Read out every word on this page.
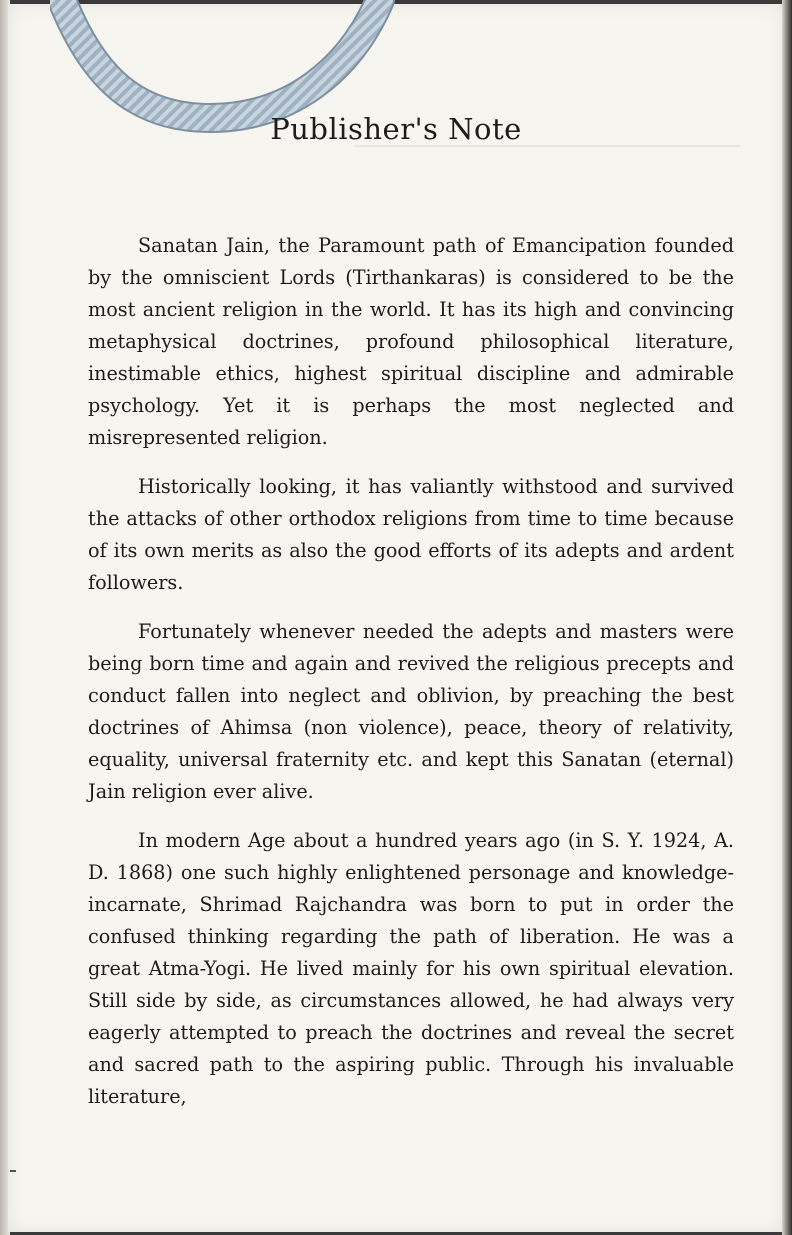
────────────────────────────────
Publisher's Note

Sanatan Jain, the Paramount path of Emancipation founded by the omniscient Lords (Tirthankaras) is considered to be the most ancient religion in the world. It has its high and convincing metaphysical doctrines, profound philosophical literature, inestimable ethics, highest spiritual discipline and admirable psychology. Yet it is perhaps the most neglected and misrepresented religion.

Historically looking, it has valiantly withstood and survived the attacks of other orthodox religions from time to time because of its own merits as also the good efforts of its adepts and ardent followers.

Fortunately whenever needed the adepts and masters were being born time and again and revived the religious precepts and conduct fallen into neglect and oblivion, by preaching the best doctrines of Ahimsa (non violence), peace, theory of relativity, equality, universal fraternity etc. and kept this Sanatan (eternal) Jain religion ever alive.

In modern Age about a hundred years ago (in S. Y. 1924, A. D. 1868) one such highly enlightened personage and knowledge-incarnate, Shrimad Rajchandra was born to put in order the confused thinking regarding the path of liberation. He was a great Atma-Yogi. He lived mainly for his own spiritual elevation. Still side by side, as circumstances allowed, he had always very eagerly attempted to preach the doctrines and reveal the secret and sacred path to the aspiring public. Through his invaluable literature,
